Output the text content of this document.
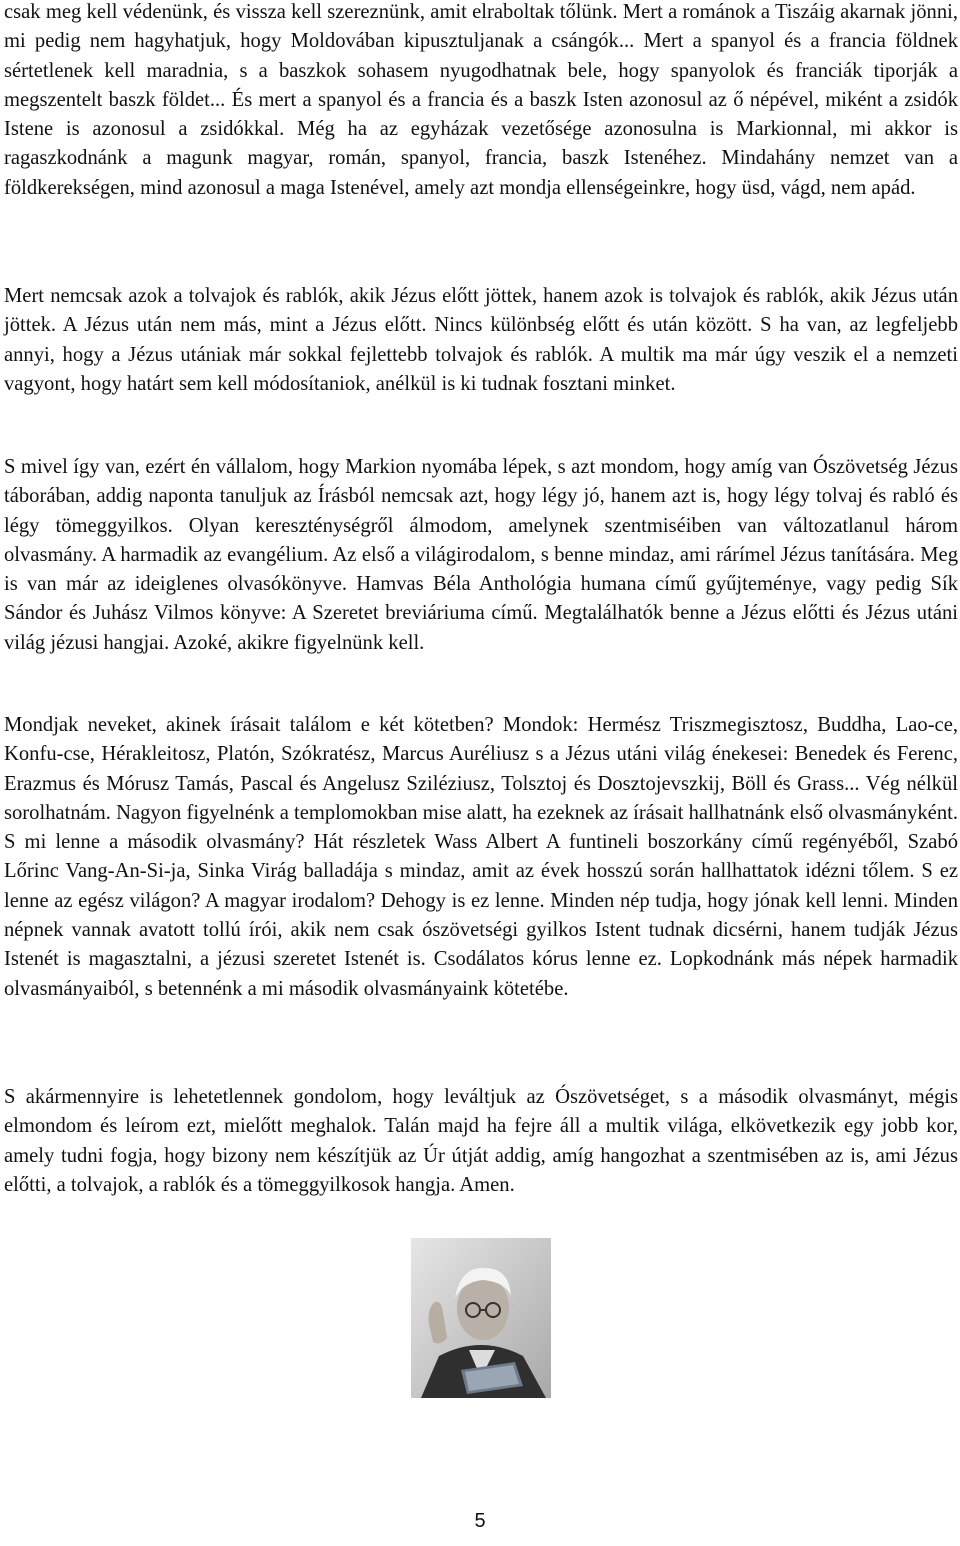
csak meg kell védenünk, és vissza kell szereznünk, amit elraboltak tőlünk. Mert a románok a Tiszáig akarnak jönni, mi pedig nem hagyhatjuk, hogy Moldovában kipusztuljanak a csángók... Mert a spanyol és a francia földnek sértetlenek kell maradnia, s a baszkok sohasem nyugodhatnak bele, hogy spanyolok és franciák tiporják a megszentelt baszk földet... És mert a spanyol és a francia és a baszk Isten azonosul az ő népével, miként a zsidók Istene is azonosul a zsidókkal. Még ha az egyházak vezetősége azonosulna is Markionnal, mi akkor is ragaszkodnánk a magunk magyar, román, spanyol, francia, baszk Istenéhez. Mindahány nemzet van a földkerekségen, mind azonosul a maga Istenével, amely azt mondja ellenségeinkre, hogy üsd, vágd, nem apád.

Mert nemcsak azok a tolvajok és rablók, akik Jézus előtt jöttek, hanem azok is tolvajok és rablók, akik Jézus után jöttek. A Jézus után nem más, mint a Jézus előtt. Nincs különbség előtt és után között. S ha van, az legfeljebb annyi, hogy a Jézus utániak már sokkal fejlettebb tolvajok és rablók. A multik ma már úgy veszik el a nemzeti vagyont, hogy határt sem kell módosítaniok, anélkül is ki tudnak fosztani minket.

S mivel így van, ezért én vállalom, hogy Markion nyomába lépek, s azt mondom, hogy amíg van Ószövetség Jézus táborában, addig naponta tanuljuk az Írásból nemcsak azt, hogy légy jó, hanem azt is, hogy légy tolvaj és rabló és légy tömeggyilkos. Olyan kereszténységről álmodom, amelynek szentmiséiben van változatlanul három olvasmány. A harmadik az evangélium. Az első a világirodalom, s benne mindaz, ami rárímel Jézus tanítására. Meg is van már az ideiglenes olvasókönyve. Hamvas Béla Anthológia humana című gyűjteménye, vagy pedig Sík Sándor és Juhász Vilmos könyve: A Szeretet breviáriuma című. Megtalálhatók benne a Jézus előtti és Jézus utáni világ jézusi hangjai. Azoké, akikre figyelnünk kell.

Mondjak neveket, akinek írásait találom e két kötetben? Mondok: Hermész Triszmegisztosz, Buddha, Lao-ce, Konfu-cse, Hérakleitosz, Platón, Szókratész, Marcus Auréliusz s a Jézus utáni világ énekesei: Benedek és Ferenc, Erazmus és Mórusz Tamás, Pascal és Angelusz Sziléziusz, Tolsztoj és Dosztojevszkij, Böll és Grass... Vég nélkül sorolhatnám. Nagyon figyelnénk a templomokban mise alatt, ha ezeknek az írásait hallhatnánk első olvasmányként. S mi lenne a második olvasmány? Hát részletek Wass Albert A funtineli boszorkány című regényéből, Szabó Lőrinc Vang-An-Si-ja, Sinka Virág balladája s mindaz, amit az évek hosszú során hallhattatok idézni tőlem. S ez lenne az egész világon? A magyar irodalom? Dehogy is ez lenne. Minden nép tudja, hogy jónak kell lenni. Minden népnek vannak avatott tollú írói, akik nem csak ószövetségi gyilkos Istent tudnak dicsérni, hanem tudják Jézus Istenét is magasztalni, a jézusi szeretet Istenét is. Csodálatos kórus lenne ez. Lopkodnánk más népek harmadik olvasmányaiból, s betennénk a mi második olvasmányaink kötetébe.

S akármennyire is lehetetlennek gondolom, hogy leváltjuk az Ószövetséget, s a második olvasmányt, mégis elmondom és leírom ezt, mielőtt meghalok. Talán majd ha fejre áll a multik világa, elkövetkezik egy jobb kor, amely tudni fogja, hogy bizony nem készítjük az Úr útját addig, amíg hangozhat a szentmisében az is, ami Jézus előtti, a tolvajok, a rablók és a tömeggyilkosok hangja. Amen.

5
